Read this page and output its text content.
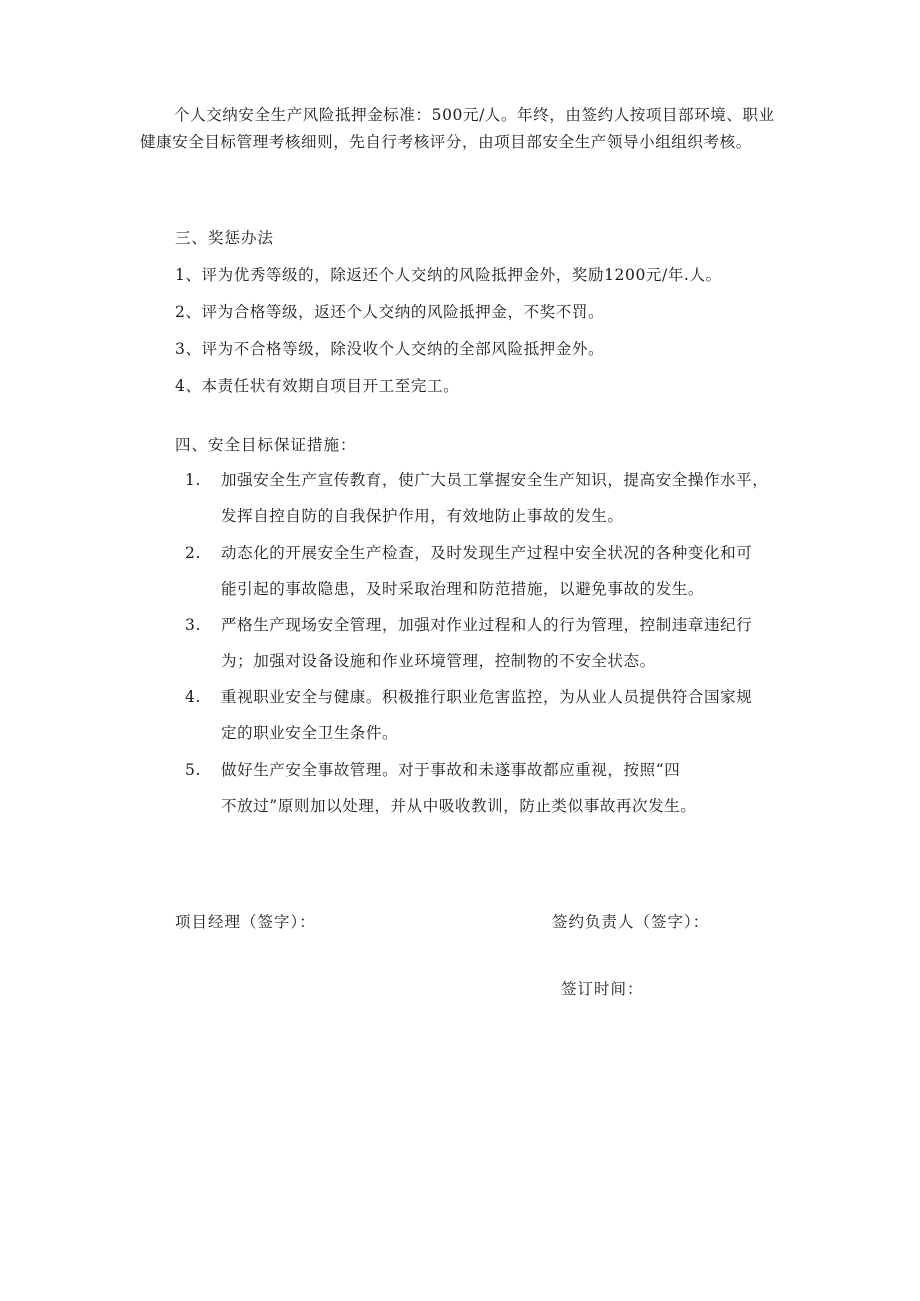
个人交纳安全生产风险抵押金标准：500元/人。年终，由签约人按项目部环境、职业健康安全目标管理考核细则，先自行考核评分，由项目部安全生产领导小组组织考核。

三、奖惩办法

1、评为优秀等级的，除返还个人交纳的风险抵押金外，奖励1200元/年.人。

2、评为合格等级，返还个人交纳的风险抵押金，不奖不罚。

3、评为不合格等级，除没收个人交纳的全部风险抵押金外。

4、本责任状有效期自项目开工至完工。

四、安全目标保证措施：

1. 加强安全生产宣传教育，使广大员工掌握安全生产知识，提高安全操作水平，
发挥自控自防的自我保护作用，有效地防止事故的发生。
2. 动态化的开展安全生产检查，及时发现生产过程中安全状况的各种变化和可
能引起的事故隐患，及时采取治理和防范措施，以避免事故的发生。
3. 严格生产现场安全管理，加强对作业过程和人的行为管理，控制违章违纪行
为；加强对设备设施和作业环境管理，控制物的不安全状态。
4. 重视职业安全与健康。积极推行职业危害监控，为从业人员提供符合国家规
定的职业安全卫生条件。
5. 做好生产安全事故管理。对于事故和未遂事故都应重视，按照“四
不放过”原则加以处理，并从中吸收教训，防止类似事故再次发生。

项目经理（签字）：	签约负责人（签字）：

签订时间：
